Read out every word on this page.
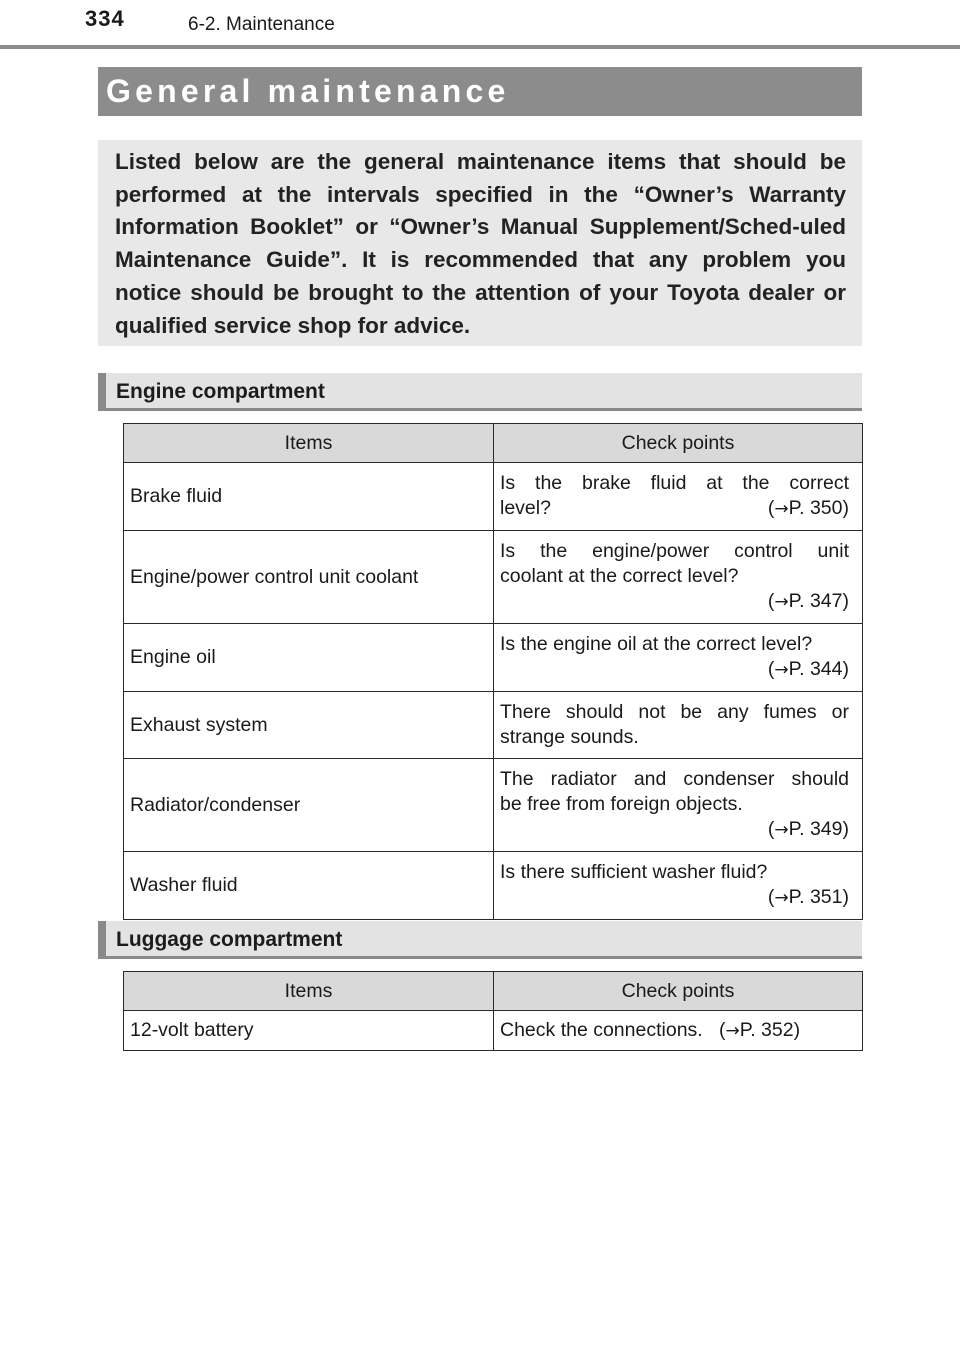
334	6-2. Maintenance
General maintenance

Listed below are the general maintenance items that should be performed at the intervals specified in the “Owner’s Warranty Information Booklet” or “Owner’s Manual Supplement/Sched-uled Maintenance Guide”. It is recommended that any problem you notice should be brought to the attention of your Toyota dealer or qualified service shop for advice.

Engine compartment
Items	Check points
Brake fluid	Is the brake fluid at the correct
level? (→P. 350)

Engine/power control unit coolant	Is the engine/power control unit
coolant at the correct level?
(→P. 347)

Engine oil	Is the engine oil at the correct level?
(→P. 344)

Exhaust system	There should not be any fumes or
strange sounds.

Radiator/condenser	The radiator and condenser should
be free from foreign objects.
(→P. 349)

Washer fluid	Is there sufficient washer fluid?
(→P. 351)
Luggage compartment
Items	Check points
12-volt battery	Check the connections. (→P. 352)
